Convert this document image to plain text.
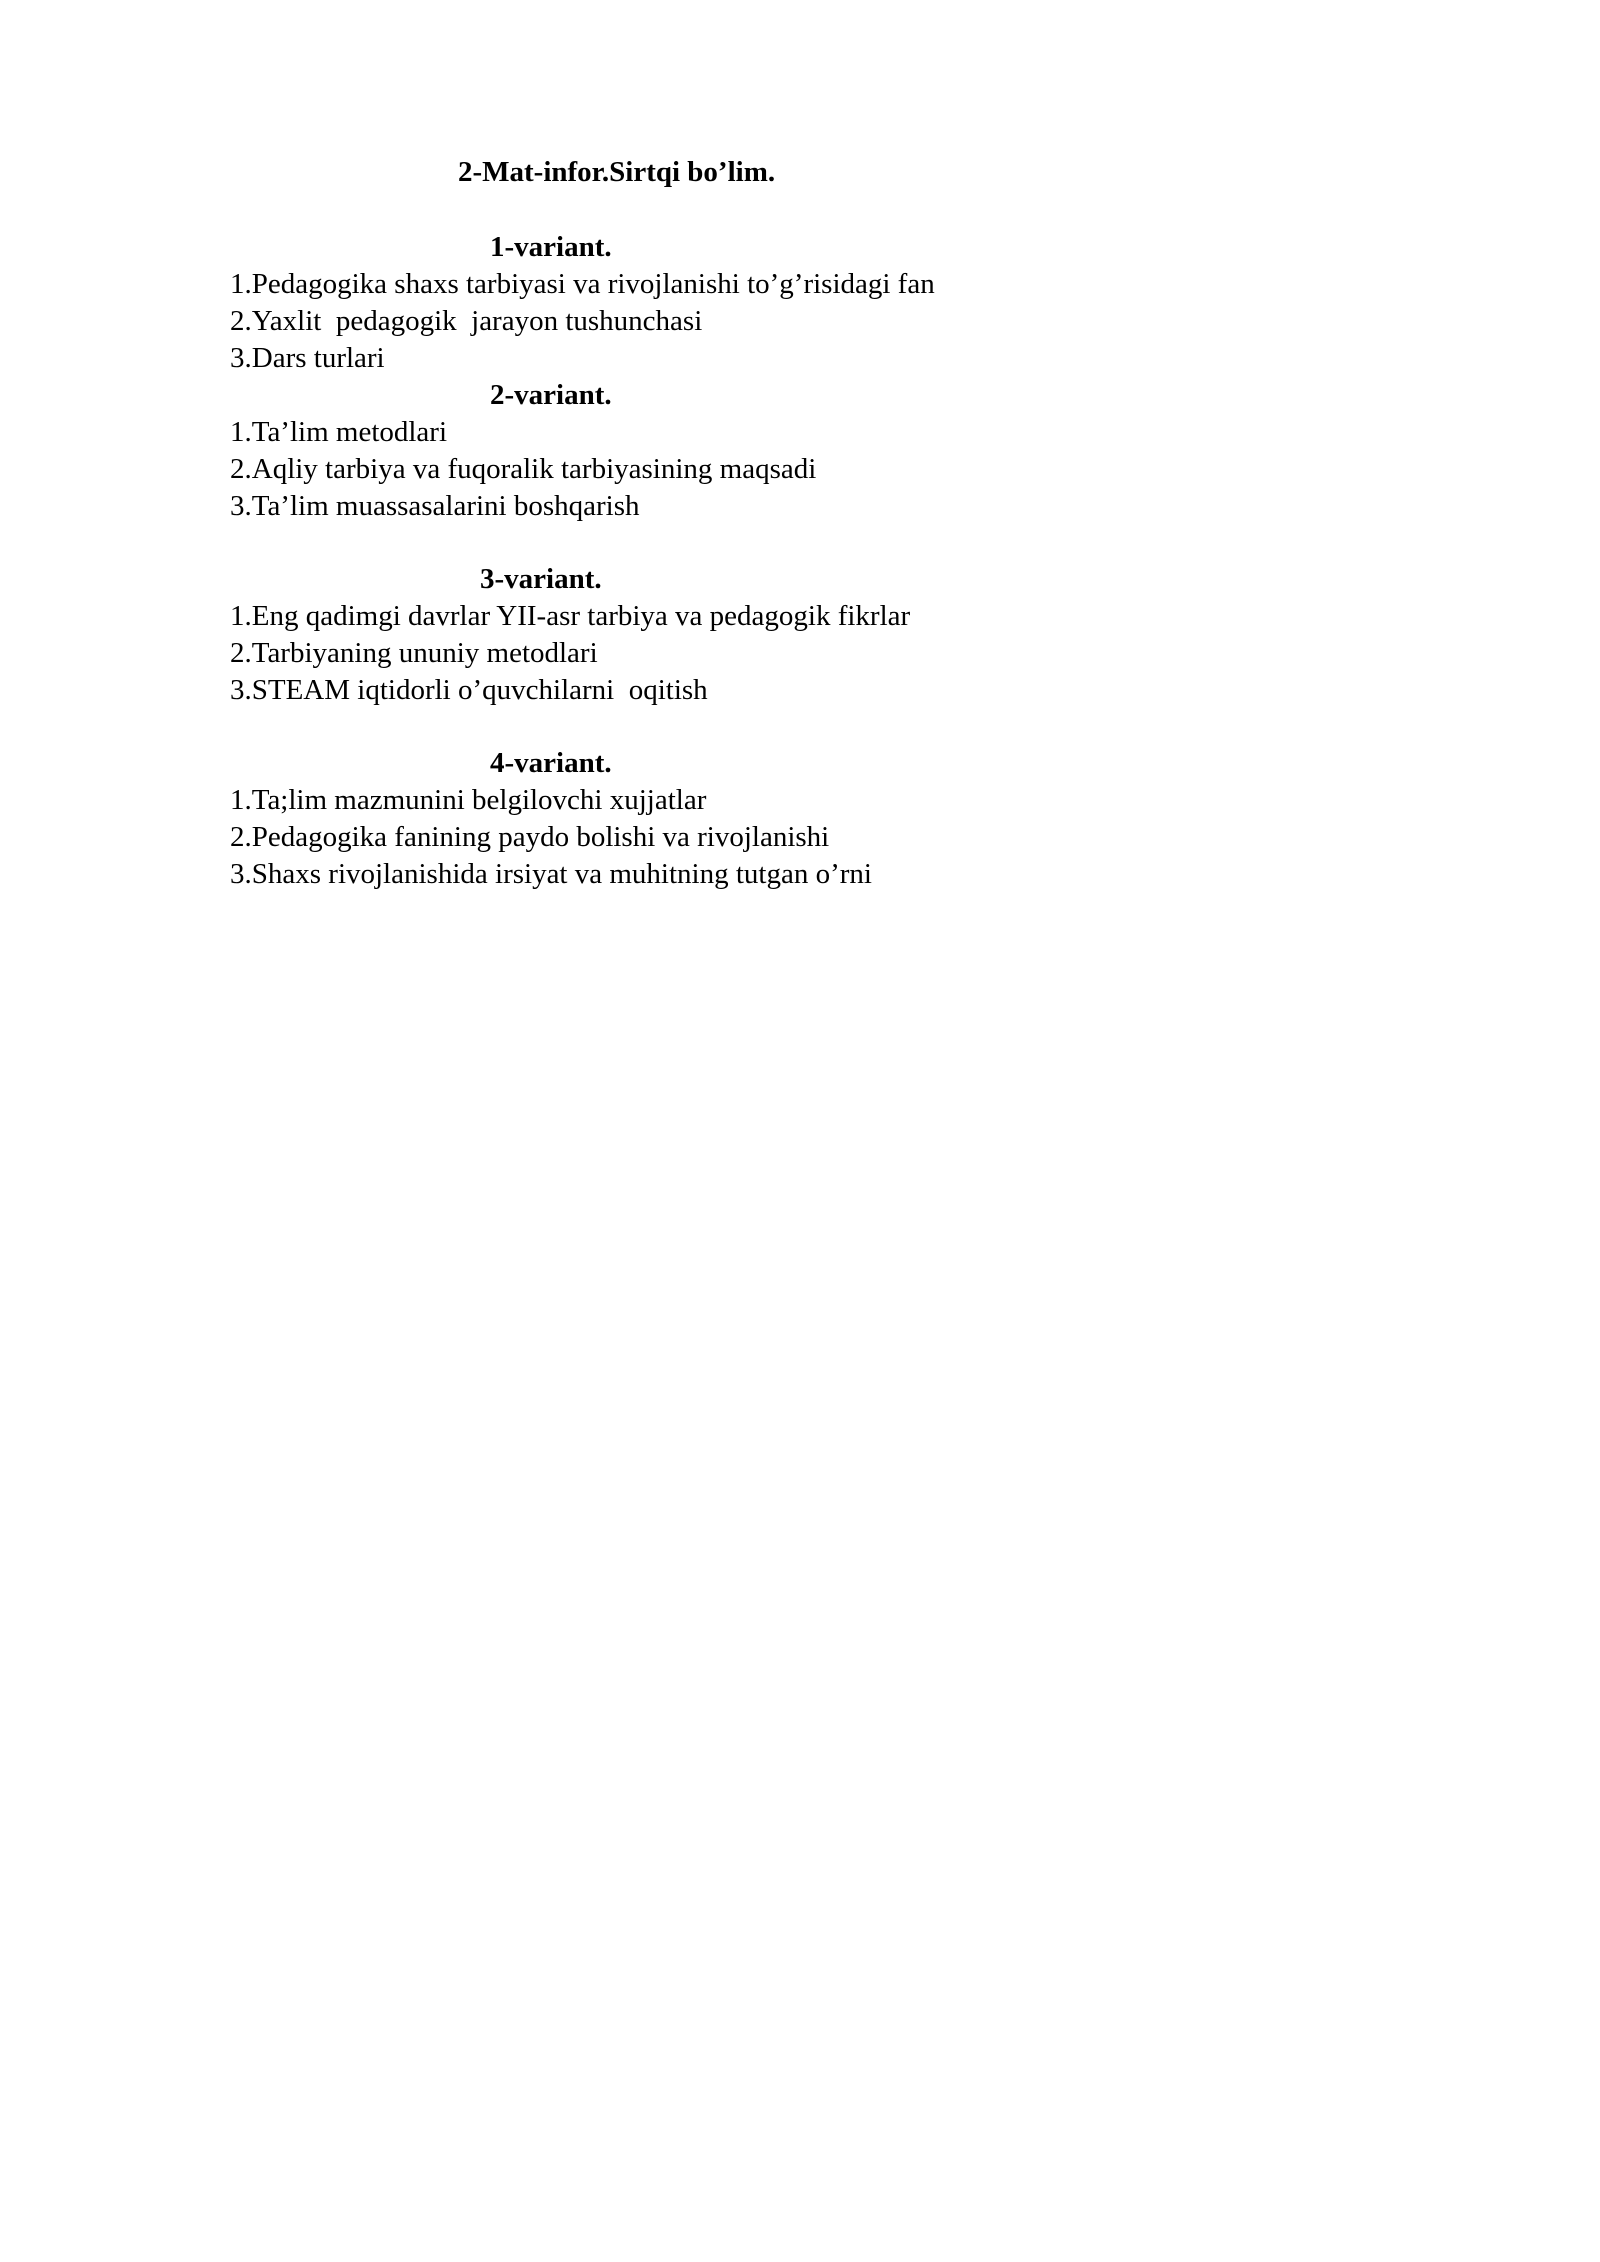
2-Mat-infor.Sirtqi bo’lim.
1-variant.
1.Pedagogika shaxs tarbiyasi va rivojlanishi to’g’risidagi fan
2.Yaxlit  pedagogik  jarayon tushunchasi
3.Dars turlari
2-variant.
1.Ta’lim metodlari
2.Aqliy tarbiya va fuqoralik tarbiyasining maqsadi
3.Ta’lim muassasalarini boshqarish
3-variant.
1.Eng qadimgi davrlar YII-asr tarbiya va pedagogik fikrlar
2.Tarbiyaning ununiy metodlari
3.STEAM iqtidorli o’quvchilarni  oqitish
4-variant.
1.Ta;lim mazmunini belgilovchi xujjatlar
2.Pedagogika fanining paydo bolishi va rivojlanishi
3.Shaxs rivojlanishida irsiyat va muhitning tutgan o’rni
